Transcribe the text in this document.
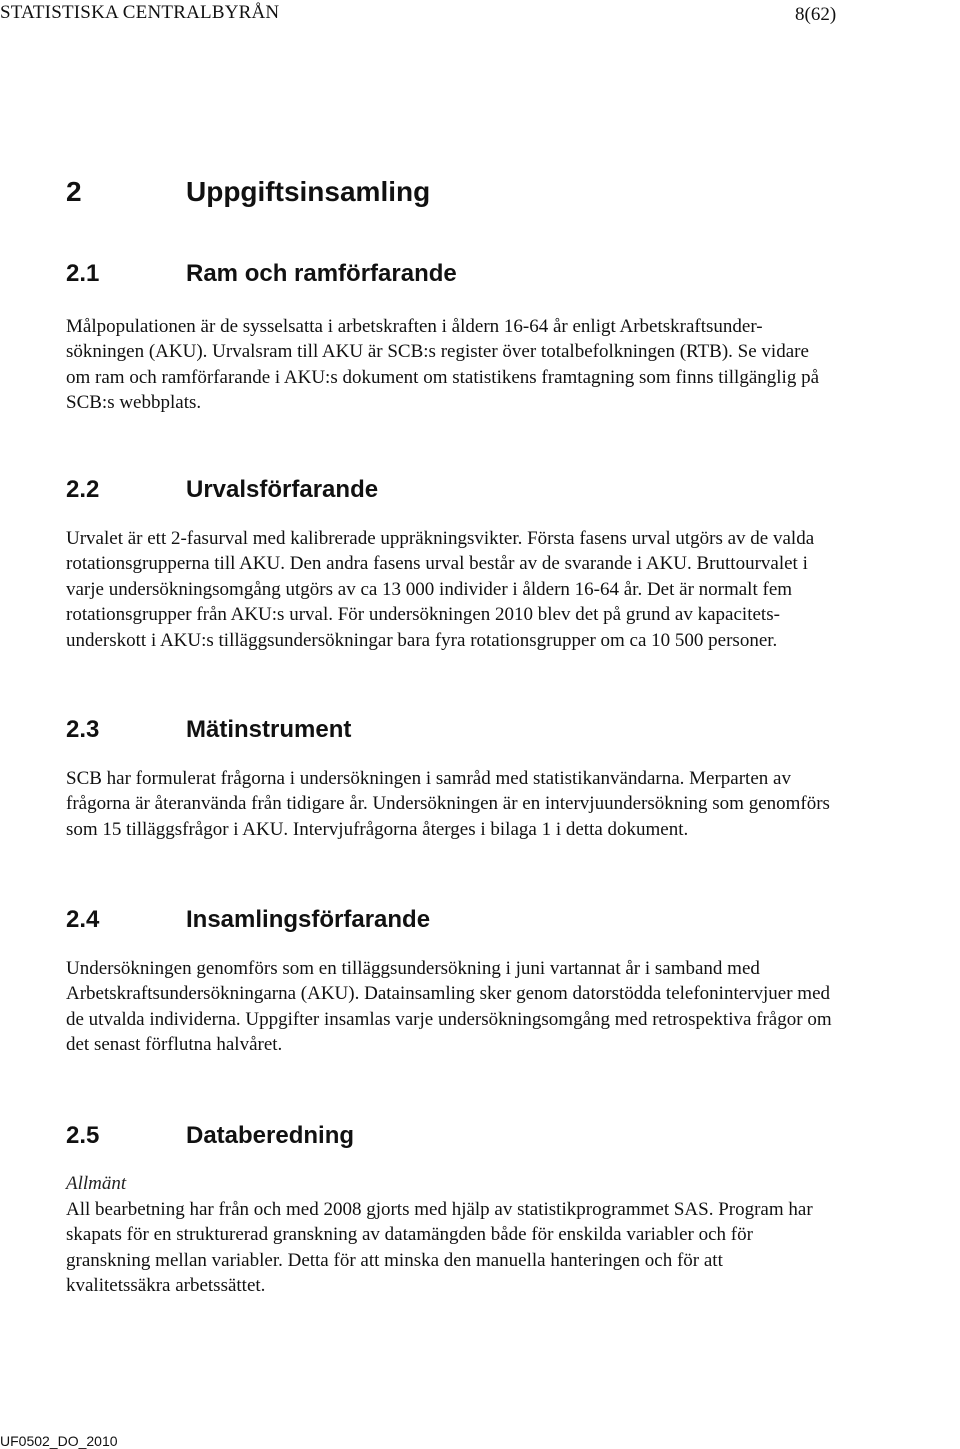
STATISTISKA CENTRALBYRÅN	8(62)
2	Uppgiftsinsamling
2.1	Ram och ramförfarande
Målpopulationen är de sysselsatta i arbetskraften i åldern 16-64 år enligt Arbetskraftsunder-
sökningen (AKU). Urvalsram till AKU är SCB:s register över totalbefolkningen (RTB). Se vidare
om ram och ramförfarande i AKU:s dokument om statistikens framtagning som finns tillgänglig på
SCB:s webbplats.
2.2	Urvalsförfarande
Urvalet är ett 2-fasurval med kalibrerade uppräkningsvikter. Första fasens urval utgörs av de valda
rotationsgrupperna till AKU. Den andra fasens urval består av de svarande i AKU. Bruttourvalet i
varje undersökningsomgång utgörs av ca 13 000 individer i åldern 16-64 år. Det är normalt fem
rotationsgrupper från AKU:s urval. För undersökningen 2010 blev det på grund av kapacitets-
underskott i AKU:s tilläggsundersökningar bara fyra rotationsgrupper om ca 10 500 personer.
2.3	Mätinstrument
SCB har formulerat frågorna i undersökningen i samråd med statistikanvändarna. Merparten av
frågorna är återanvända från tidigare år. Undersökningen är en intervjuundersökning som genomförs
som 15 tilläggsfrågor i AKU. Intervjufrågorna återges i bilaga 1 i detta dokument.
2.4	Insamlingsförfarande
Undersökningen genomförs som en tilläggsundersökning i juni vartannat år i samband med
Arbetskraftsundersökningarna (AKU). Datainsamling sker genom datorstödda telefonintervjuer med
de utvalda individerna. Uppgifter insamlas varje undersökningsomgång med retrospektiva frågor om
det senast förflutna halvåret.
2.5	Databeredning
Allmänt
All bearbetning har från och med 2008 gjorts med hjälp av statistikprogrammet SAS. Program har
skapats för en strukturerad granskning av datamängden både för enskilda variabler och för
granskning mellan variabler. Detta för att minska den manuella hanteringen och för att
kvalitetssäkra arbetssättet.
UF0502_DO_2010
